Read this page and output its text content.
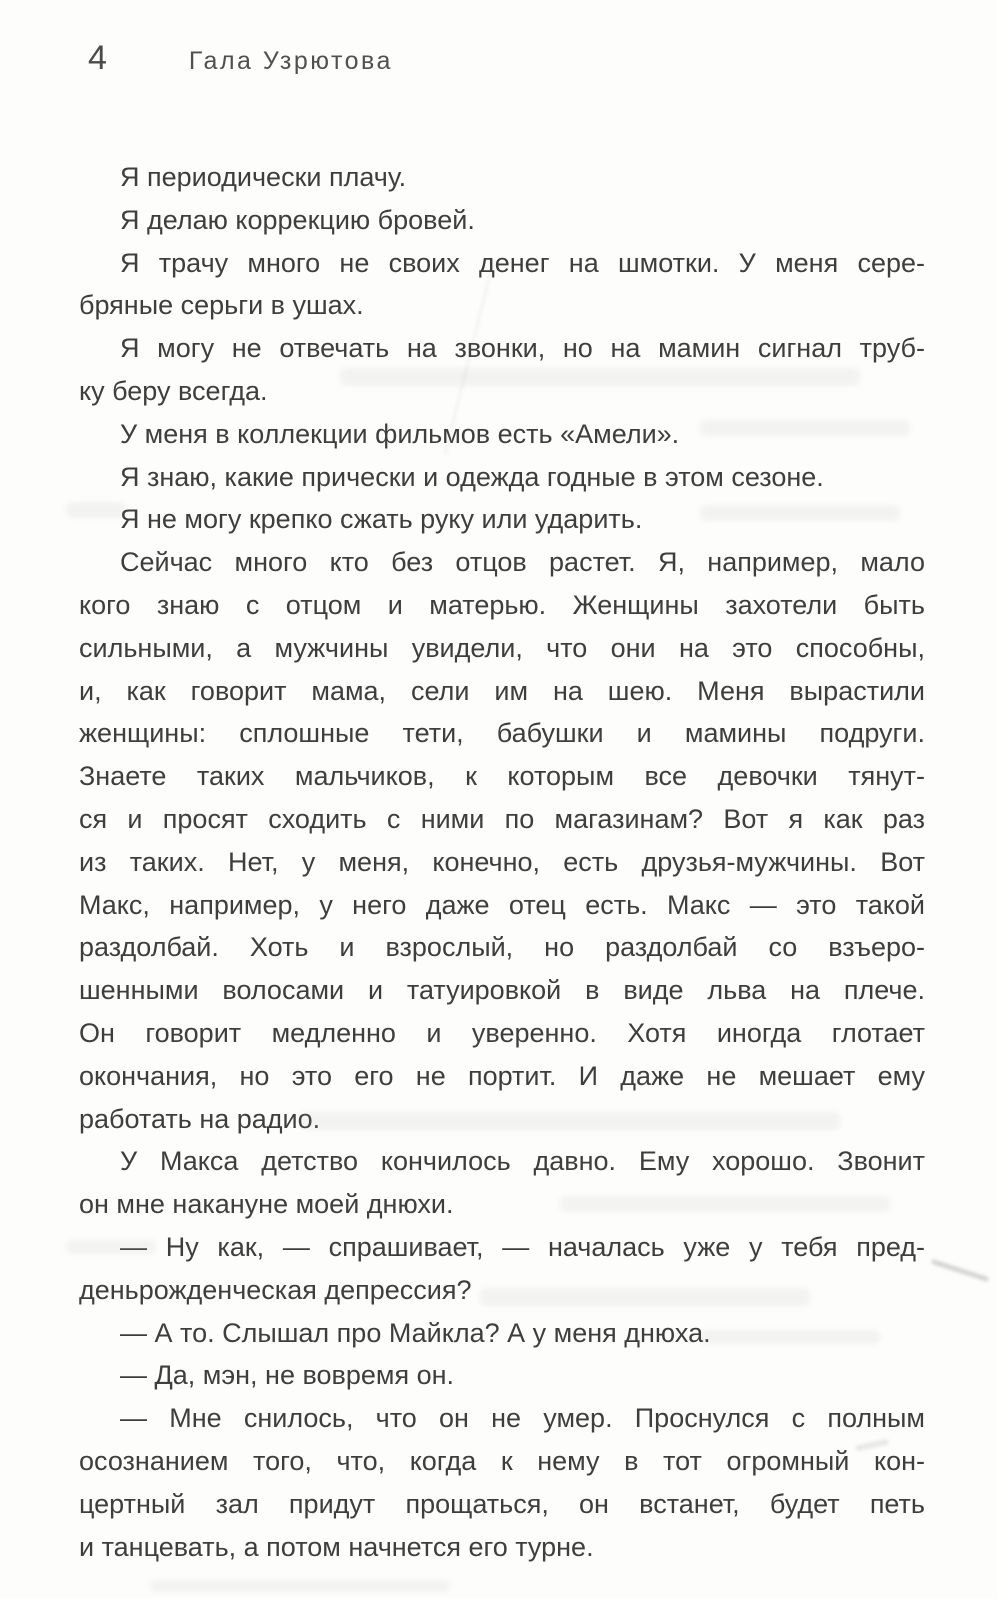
4	Гала Узрютова
Я периодически плачу.
Я делаю коррекцию бровей.
Я трачу много не своих денег на шмотки. У меня сере-
бряные серьги в ушах.
Я могу не отвечать на звонки, но на мамин сигнал труб-
ку беру всегда.
У меня в коллекции фильмов есть «Амели».
Я знаю, какие прически и одежда годные в этом сезоне.
Я не могу крепко сжать руку или ударить.
Сейчас много кто без отцов растет. Я, например, мало
кого знаю с отцом и матерью. Женщины захотели быть
сильными, а мужчины увидели, что они на это способны,
и, как говорит мама, сели им на шею. Меня вырастили
женщины: сплошные тети, бабушки и мамины подруги.
Знаете таких мальчиков, к которым все девочки тянут-
ся и просят сходить с ними по магазинам? Вот я как раз
из таких. Нет, у меня, конечно, есть друзья-мужчины. Вот
Макс, например, у него даже отец есть. Макс — это такой
раздолбай. Хоть и взрослый, но раздолбай со взъеро-
шенными волосами и татуировкой в виде льва на плече.
Он говорит медленно и уверенно. Хотя иногда глотает
окончания, но это его не портит. И даже не мешает ему
работать на радио.
У Макса детство кончилось давно. Ему хорошо. Звонит
он мне накануне моей днюхи.
— Ну как, — спрашивает, — началась уже у тебя пред-
деньрожденческая депрессия?
— А то. Слышал про Майкла? А у меня днюха.
— Да, мэн, не вовремя он.
— Мне снилось, что он не умер. Проснулся с полным
осознанием того, что, когда к нему в тот огромный кон-
цертный зал придут прощаться, он встанет, будет петь
и танцевать, а потом начнется его турне.
